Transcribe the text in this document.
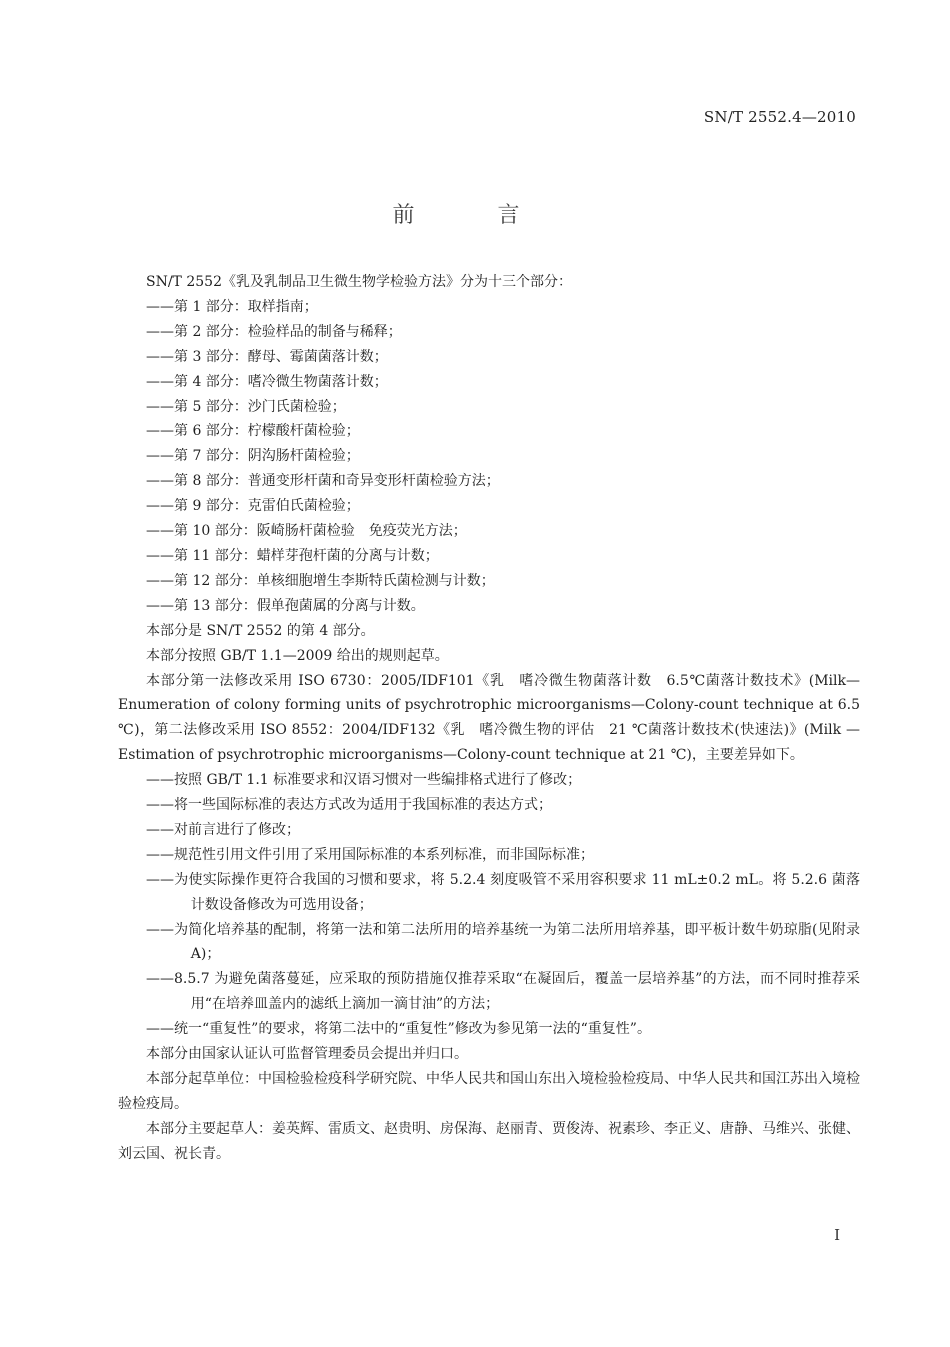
SN/T 2552.4—2010
前 言

SN/T 2552《乳及乳制品卫生微生物学检验方法》分为十三个部分：

——第 1 部分：取样指南；

——第 2 部分：检验样品的制备与稀释；

——第 3 部分：酵母、霉菌菌落计数；

——第 4 部分：嗜冷微生物菌落计数；

——第 5 部分：沙门氏菌检验；

——第 6 部分：柠檬酸杆菌检验；

——第 7 部分：阴沟肠杆菌检验；

——第 8 部分：普通变形杆菌和奇异变形杆菌检验方法；

——第 9 部分：克雷伯氏菌检验；

——第 10 部分：阪崎肠杆菌检验　免疫荧光方法；

——第 11 部分：蜡样芽孢杆菌的分离与计数；

——第 12 部分：单核细胞增生李斯特氏菌检测与计数；

——第 13 部分：假单孢菌属的分离与计数。

本部分是 SN/T 2552 的第 4 部分。

本部分按照 GB/T 1.1—2009 给出的规则起草。

本部分第一法修改采用 ISO 6730：2005/IDF101《乳　嗜冷微生物菌落计数　6.5℃菌落计数技术》(Milk—Enumeration of colony forming units of psychrotrophic microorganisms—Colony-count technique at 6.5 ℃)，第二法修改采用 ISO 8552：2004/IDF132《乳　嗜冷微生物的评估　21 ℃菌落计数技术(快速法)》(Milk —Estimation of psychrotrophic microorganisms—Colony-count technique at 21 ℃)，主要差异如下。

——按照 GB/T 1.1 标准要求和汉语习惯对一些编排格式进行了修改；

——将一些国际标准的表达方式改为适用于我国标准的表达方式；

——对前言进行了修改；

——规范性引用文件引用了采用国际标准的本系列标准，而非国际标准；

——为使实际操作更符合我国的习惯和要求，将 5.2.4 刻度吸管不采用容积要求 11 mL±0.2 mL。将 5.2.6 菌落计数设备修改为可选用设备；

——为简化培养基的配制，将第一法和第二法所用的培养基统一为第二法所用培养基，即平板计数牛奶琼脂(见附录 A)；

——8.5.7 为避免菌落蔓延，应采取的预防措施仅推荐采取“在凝固后，覆盖一层培养基”的方法，而不同时推荐采用“在培养皿盖内的滤纸上滴加一滴甘油”的方法；

——统一“重复性”的要求，将第二法中的“重复性”修改为参见第一法的“重复性”。

本部分由国家认证认可监督管理委员会提出并归口。

本部分起草单位：中国检验检疫科学研究院、中华人民共和国山东出入境检验检疫局、中华人民共和国江苏出入境检验检疫局。

本部分主要起草人：姜英辉、雷质文、赵贵明、房保海、赵丽青、贾俊涛、祝素珍、李正义、唐静、马维兴、张健、刘云国、祝长青。

I
